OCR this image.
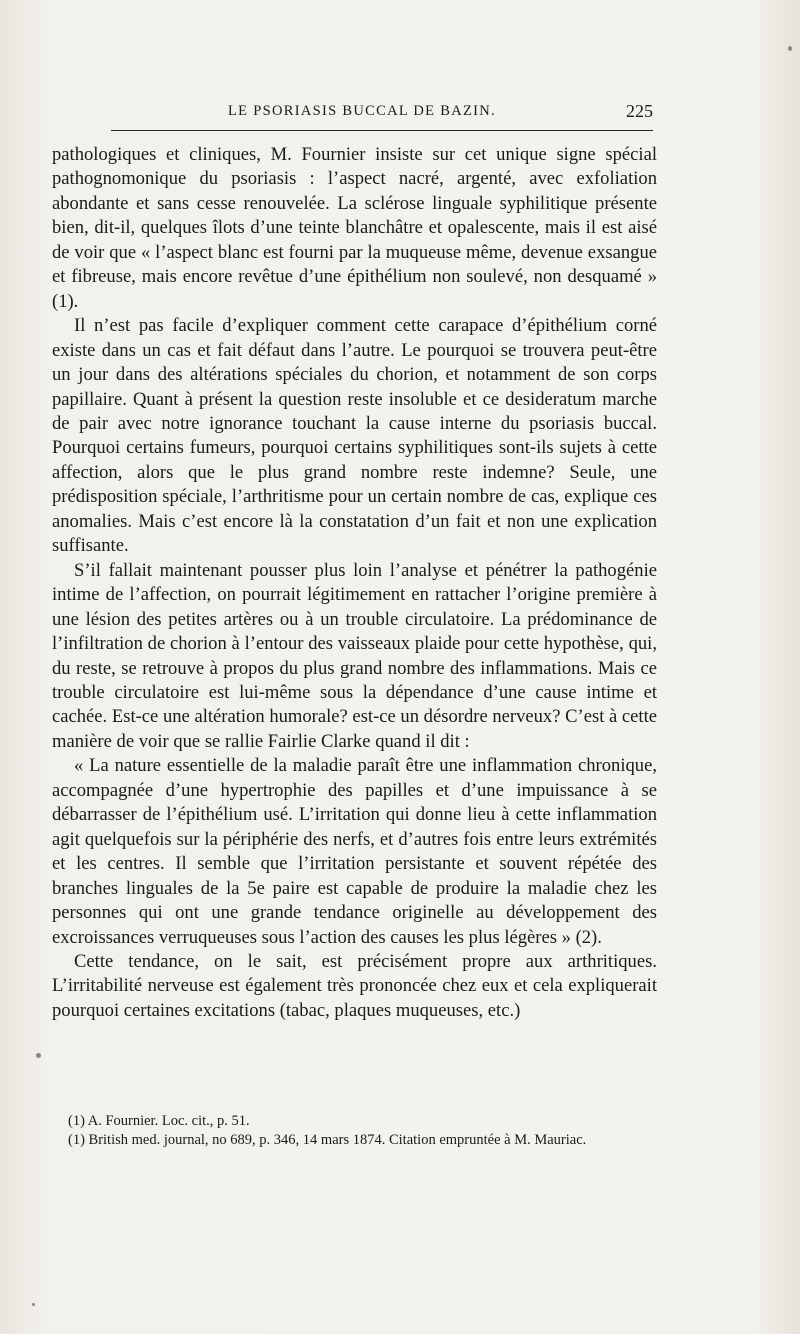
LE PSORIASIS BUCCAL DE BAZIN.	225

pathologiques et cliniques, M. Fournier insiste sur cet unique signe spécial pathognomonique du psoriasis : l’aspect nacré, argenté, avec exfoliation abondante et sans cesse renouvelée. La sclérose linguale syphilitique présente bien, dit-il, quelques îlots d’une teinte blanchâtre et opalescente, mais il est aisé de voir que « l’aspect blanc est fourni par la muqueuse même, devenue exsangue et fibreuse, mais encore revêtue d’une épithélium non soulevé, non desquamé » (1).

Il n’est pas facile d’expliquer comment cette carapace d’épithélium corné existe dans un cas et fait défaut dans l’autre. Le pourquoi se trouvera peut-être un jour dans des altérations spéciales du chorion, et notamment de son corps papillaire. Quant à présent la question reste insoluble et ce desideratum marche de pair avec notre ignorance touchant la cause interne du psoriasis buccal. Pourquoi certains fumeurs, pourquoi certains syphilitiques sont-ils sujets à cette affection, alors que le plus grand nombre reste indemne? Seule, une prédisposition spéciale, l’arthritisme pour un certain nombre de cas, explique ces anomalies. Mais c’est encore là la constatation d’un fait et non une explication suffisante.

S’il fallait maintenant pousser plus loin l’analyse et pénétrer la pathogénie intime de l’affection, on pourrait légitimement en rattacher l’origine première à une lésion des petites artères ou à un trouble circulatoire. La prédominance de l’infiltration de chorion à l’entour des vaisseaux plaide pour cette hypothèse, qui, du reste, se retrouve à propos du plus grand nombre des inflammations. Mais ce trouble circulatoire est lui-même sous la dépendance d’une cause intime et cachée. Est-ce une altération humorale? est-ce un désordre nerveux? C’est à cette manière de voir que se rallie Fairlie Clarke quand il dit :

« La nature essentielle de la maladie paraît être une inflammation chronique, accompagnée d’une hypertrophie des papilles et d’une impuissance à se débarrasser de l’épithélium usé. L’irritation qui donne lieu à cette inflammation agit quelquefois sur la périphérie des nerfs, et d’autres fois entre leurs extrémités et les centres. Il semble que l’irritation persistante et souvent répétée des branches linguales de la 5e paire est capable de produire la maladie chez les personnes qui ont une grande tendance originelle au développement des excroissances verruqueuses sous l’action des causes les plus légères » (2).

Cette tendance, on le sait, est précisément propre aux arthritiques. L’irritabilité nerveuse est également très prononcée chez eux et cela expliquerait pourquoi certaines excitations (tabac, plaques muqueuses, etc.)

(1) A. Fournier. Loc. cit., p. 51.

(1) British med. journal, no 689, p. 346, 14 mars 1874. Citation empruntée à M. Mauriac.
